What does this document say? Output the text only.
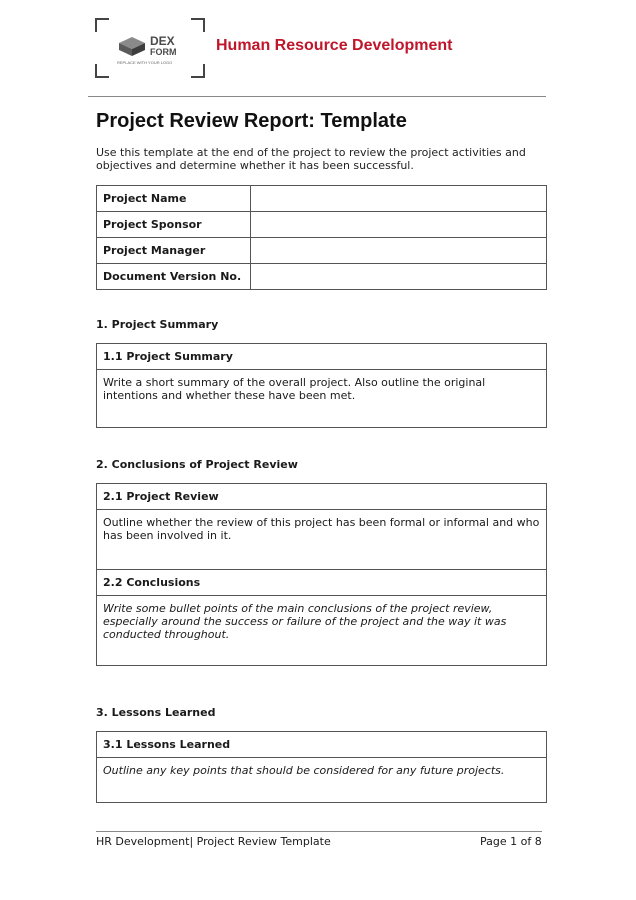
DEX
FORM
REPLACE WITH YOUR LOGO
Human Resource Development
Project Review Report: Template
Use this template at the end of the project to review the project activities and objectives and determine whether it has been successful.
Project Name	
Project Sponsor	
Project Manager	
Document Version No.	
1. Project Summary
1.1 Project Summary
Write a short summary of the overall project. Also outline the original intentions and whether these have been met.
2. Conclusions of Project Review
2.1 Project Review
Outline whether the review of this project has been formal or informal and who has been involved in it.
2.2 Conclusions
Write some bullet points of the main conclusions of the project review, especially around the success or failure of the project and the way it was conducted throughout.
3. Lessons Learned
3.1 Lessons Learned
Outline any key points that should be considered for any future projects.
HR Development| Project Review Template	Page 1 of 8
